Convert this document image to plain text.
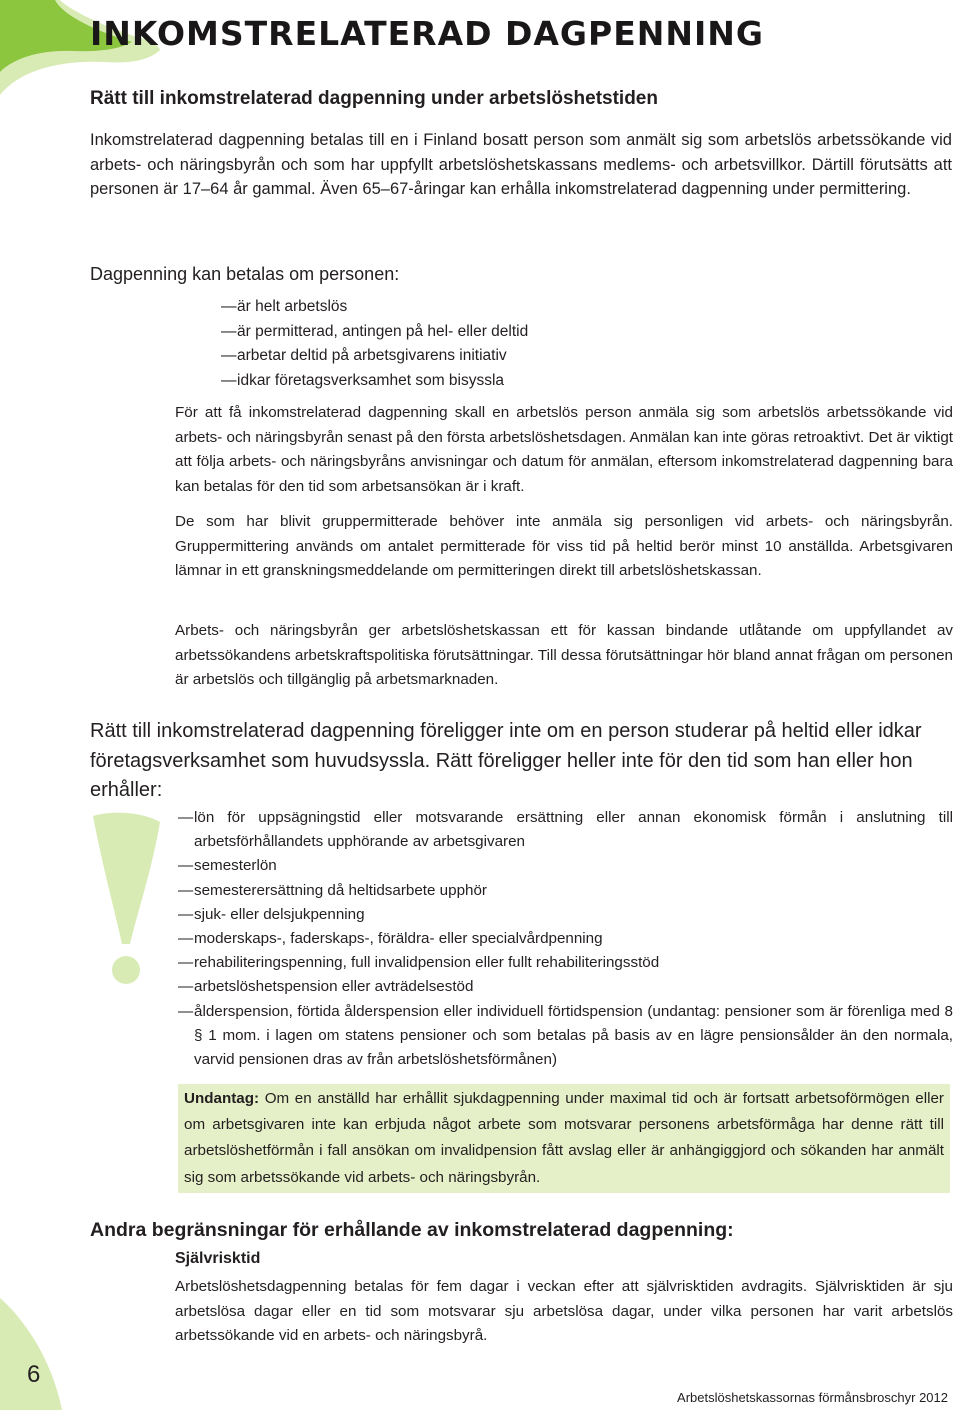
INKOMSTRELATERAD DAGPENNING
Rätt till inkomstrelaterad dagpenning under arbetslöshetstiden

Inkomstrelaterad dagpenning betalas till en i Finland bosatt person som anmält sig som arbetslös arbetssökande vid arbets- och näringsbyrån och som har uppfyllt arbetslöshetskassans medlems- och arbetsvillkor. Därtill förutsätts att personen är 17–64 år gammal. Även 65–67-åringar kan erhålla inkomstrelaterad dagpenning under permittering.

Dagpenning kan betalas om personen:

— är helt arbetslös
— är permitterad, antingen på hel- eller deltid
— arbetar deltid på arbetsgivarens initiativ
— idkar företagsverksamhet som bisyssla

För att få inkomstrelaterad dagpenning skall en arbetslös person anmäla sig som arbetslös arbetssökande vid arbets- och näringsbyrån senast på den första arbetslöshetsdagen. Anmälan kan inte göras retroaktivt. Det är viktigt att följa arbets- och näringsbyråns anvisningar och datum för anmälan, eftersom inkomstrelaterad dagpenning bara kan betalas för den tid som arbetsansökan är i kraft.

De som har blivit gruppermitterade behöver inte anmäla sig personligen vid arbets- och näringsbyrån. Gruppermittering används om antalet permitterade för viss tid på heltid berör minst 10 anställda. Arbetsgivaren lämnar in ett granskningsmeddelande om permitteringen direkt till arbetslöshetskassan.

Arbets- och näringsbyrån ger arbetslöshetskassan ett för kassan bindande utlåtande om uppfyllandet av arbetssökandens arbetskraftspolitiska förutsättningar. Till dessa förutsättningar hör bland annat frågan om personen är arbetslös och tillgänglig på arbetsmarknaden.

Rätt till inkomstrelaterad dagpenning föreligger inte om en person studerar på heltid eller idkar företagsverksamhet som huvudsyssla. Rätt föreligger heller inte för den tid som han eller hon erhåller:

— lön för uppsägningstid eller motsvarande ersättning eller annan ekonomisk förmån i anslutning till arbetsförhållandets upphörande av arbetsgivaren
— semesterlön
— semesterersättning då heltidsarbete upphör
— sjuk- eller delsjukpenning
— moderskaps-, faderskaps-, föräldra- eller specialvårdpenning
— rehabiliteringspenning, full invalidpension eller fullt rehabiliteringsstöd
— arbetslöshetspension eller avträdelsestöd
— ålderspension, förtida ålderspension eller individuell förtidspension (undantag: pensioner som är förenliga med 8 § 1 mom. i lagen om statens pensioner och som betalas på basis av en lägre pensionsålder än den normala, varvid pensionen dras av från arbetslöshetsförmånen)
Undantag: Om en anställd har erhållit sjukdagpenning under maximal tid och är fortsatt arbetsoförmögen eller om arbetsgivaren inte kan erbjuda något arbete som motsvarar personens arbetsförmåga har denne rätt till arbetslöshetförmån i fall ansökan om invalidpension fått avslag eller är anhängiggjord och sökanden har anmält sig som arbetssökande vid arbets- och näringsbyrån.
Andra begränsningar för erhållande av inkomstrelaterad dagpenning:
Självrisktid

Arbetslöshetsdagpenning betalas för fem dagar i veckan efter att självrisktiden avdragits. Självrisktiden är sju arbetslösa dagar eller en tid som motsvarar sju arbetslösa dagar, under vilka personen har varit arbetslös arbetssökande vid en arbets- och näringsbyrå.

6

Arbetslöshetskassornas förmånsbroschyr 2012
